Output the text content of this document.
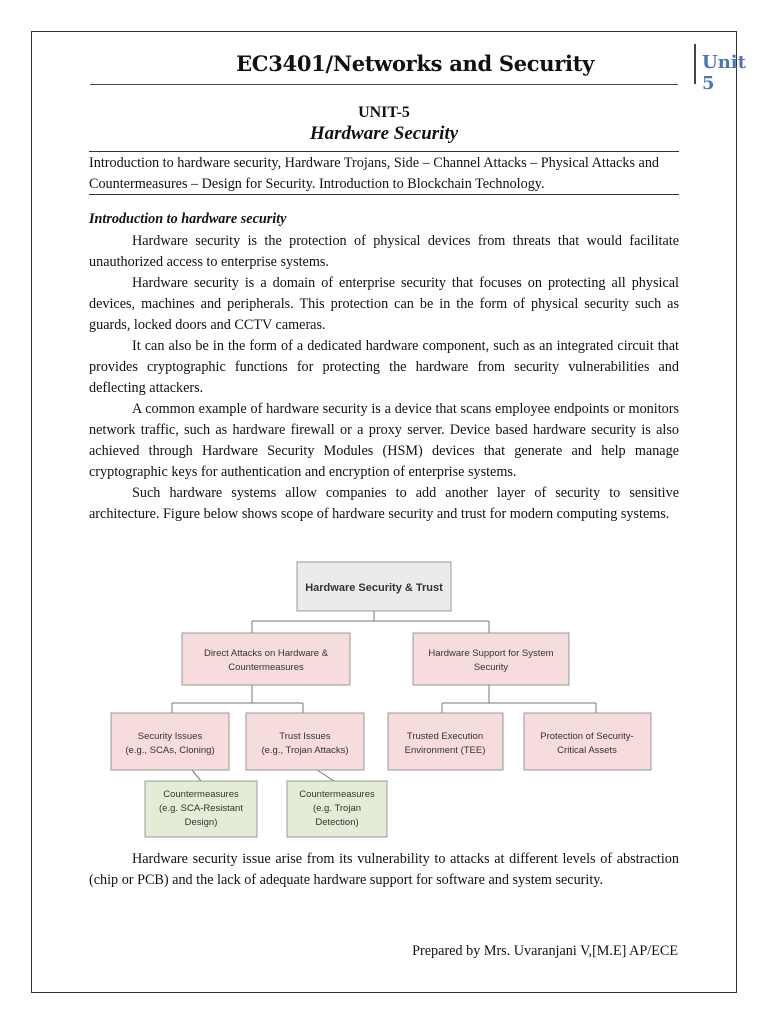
EC3401/Networks and Security	Unit 5
UNIT-5
Hardware Security
Introduction to hardware security, Hardware Trojans, Side – Channel Attacks – Physical Attacks and Countermeasures – Design for Security. Introduction to Blockchain Technology.
Introduction to hardware security

Hardware security is the protection of physical devices from threats that would facilitate unauthorized access to enterprise systems.

Hardware security is a domain of enterprise security that focuses on protecting all physical devices, machines and peripherals. This protection can be in the form of physical security such as guards, locked doors and CCTV cameras.

It can also be in the form of a dedicated hardware component, such as an integrated circuit that provides cryptographic functions for protecting the hardware from security vulnerabilities and deflecting attackers.

A common example of hardware security is a device that scans employee endpoints or monitors network traffic, such as hardware firewall or a proxy server. Device based hardware security is also achieved through Hardware Security Modules (HSM) devices that generate and help manage cryptographic keys for authentication and encryption of enterprise systems.

Such hardware systems allow companies to add another layer of security to sensitive architecture. Figure below shows scope of hardware security and trust for modern computing systems.

Hardware Security & Trust
Direct Attacks on Hardware &
Countermeasures
Hardware Support for System
Security
Security Issues
(e.g., SCAs, Cloning)
Trust Issues
(e.g., Trojan Attacks)
Trusted Execution
Environment (TEE)
Protection of Security-
Critical Assets
Countermeasures
(e.g. SCA-Resistant
Design)
Countermeasures
(e.g. Trojan
Detection)

Hardware security issue arise from its vulnerability to attacks at different levels of abstraction (chip or PCB) and the lack of adequate hardware support for software and system security.

Prepared by Mrs. Uvaranjani V,[M.E] AP/ECE
